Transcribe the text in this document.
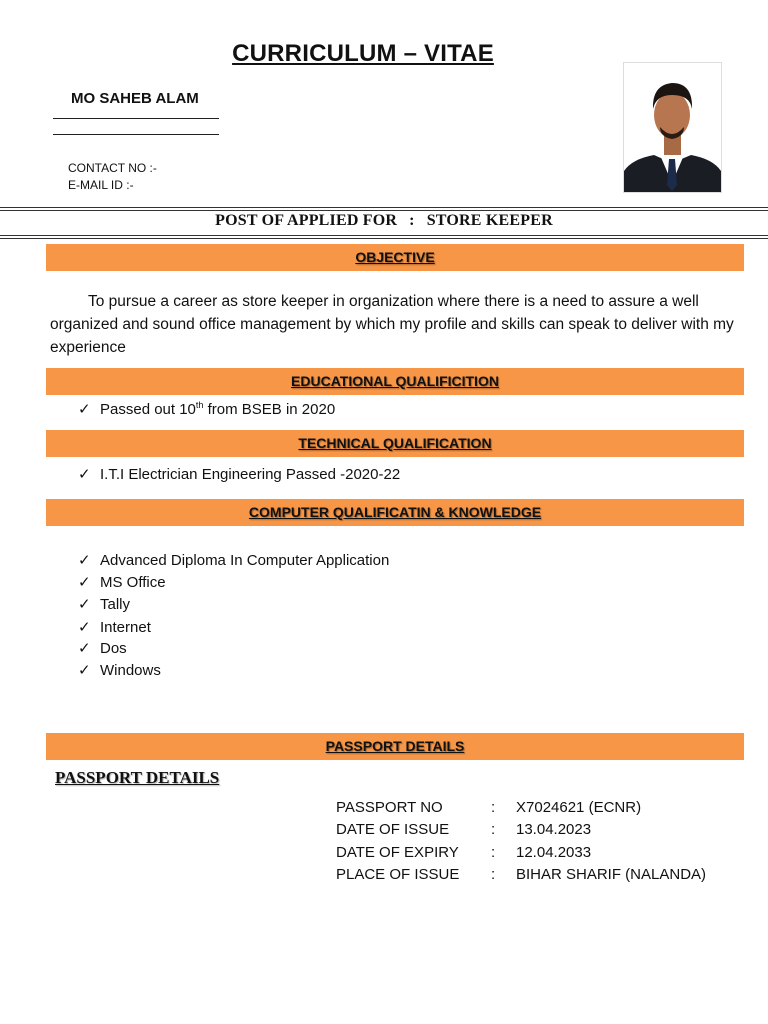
CURRICULUM – VITAE
MO SAHEB ALAM
CONTACT NO :-
E-MAIL ID :-
POST OF APPLIED FOR : STORE KEEPER
OBJECTIVE
To pursue a career as store keeper in organization where there is a need to assure a well organized and sound office management by which my profile and skills can speak to deliver with my experience
EDUCATIONAL QUALIFICITION
✓ Passed out 10th from BSEB in 2020
TECHNICAL QUALIFICATION
✓ I.T.I Electrician Engineering Passed -2020-22
COMPUTER QUALIFICATIN & KNOWLEDGE
✓ Advanced Diploma In Computer Application
✓ MS Office
✓ Tally
✓ Internet
✓ Dos
✓ Windows
PASSPORT DETAILS
PASSPORT DETAILS
PASSPORT NO	: X7024621 (ECNR)
DATE OF ISSUE	: 13.04.2023
DATE OF EXPIRY : 12.04.2033
PLACE OF ISSUE : BIHAR SHARIF (NALANDA)
